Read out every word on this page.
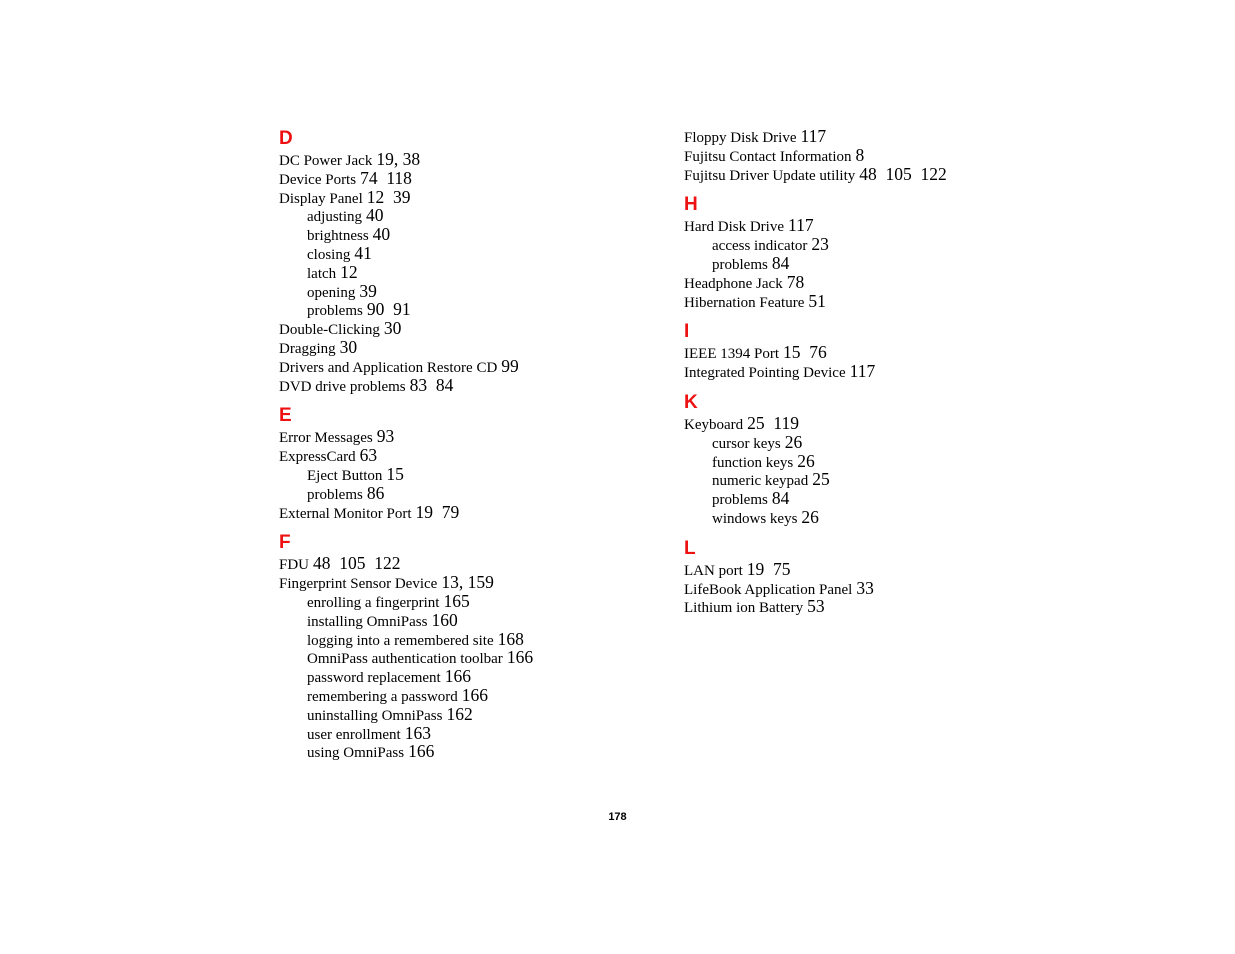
D
DC Power Jack 19, 38
Device Ports 74  118
Display Panel 12  39
adjusting 40
brightness 40
closing 41
latch 12
opening 39
problems 90  91
Double-Clicking 30
Dragging 30
Drivers and Application Restore CD 99
DVD drive problems 83  84
E
Error Messages 93
ExpressCard 63
Eject Button 15
problems 86
External Monitor Port 19  79
F
FDU 48  105  122
Fingerprint Sensor Device 13, 159
enrolling a fingerprint 165
installing OmniPass 160
logging into a remembered site 168
OmniPass authentication toolbar 166
password replacement 166
remembering a password 166
uninstalling OmniPass 162
user enrollment 163
using OmniPass 166
Floppy Disk Drive 117
Fujitsu Contact Information 8
Fujitsu Driver Update utility 48  105  122
H
Hard Disk Drive 117
access indicator 23
problems 84
Headphone Jack 78
Hibernation Feature 51
I
IEEE 1394 Port 15  76
Integrated Pointing Device 117
K
Keyboard 25  119
cursor keys 26
function keys 26
numeric keypad 25
problems 84
windows keys 26
L
LAN port 19  75
LifeBook Application Panel 33
Lithium ion Battery 53
178
